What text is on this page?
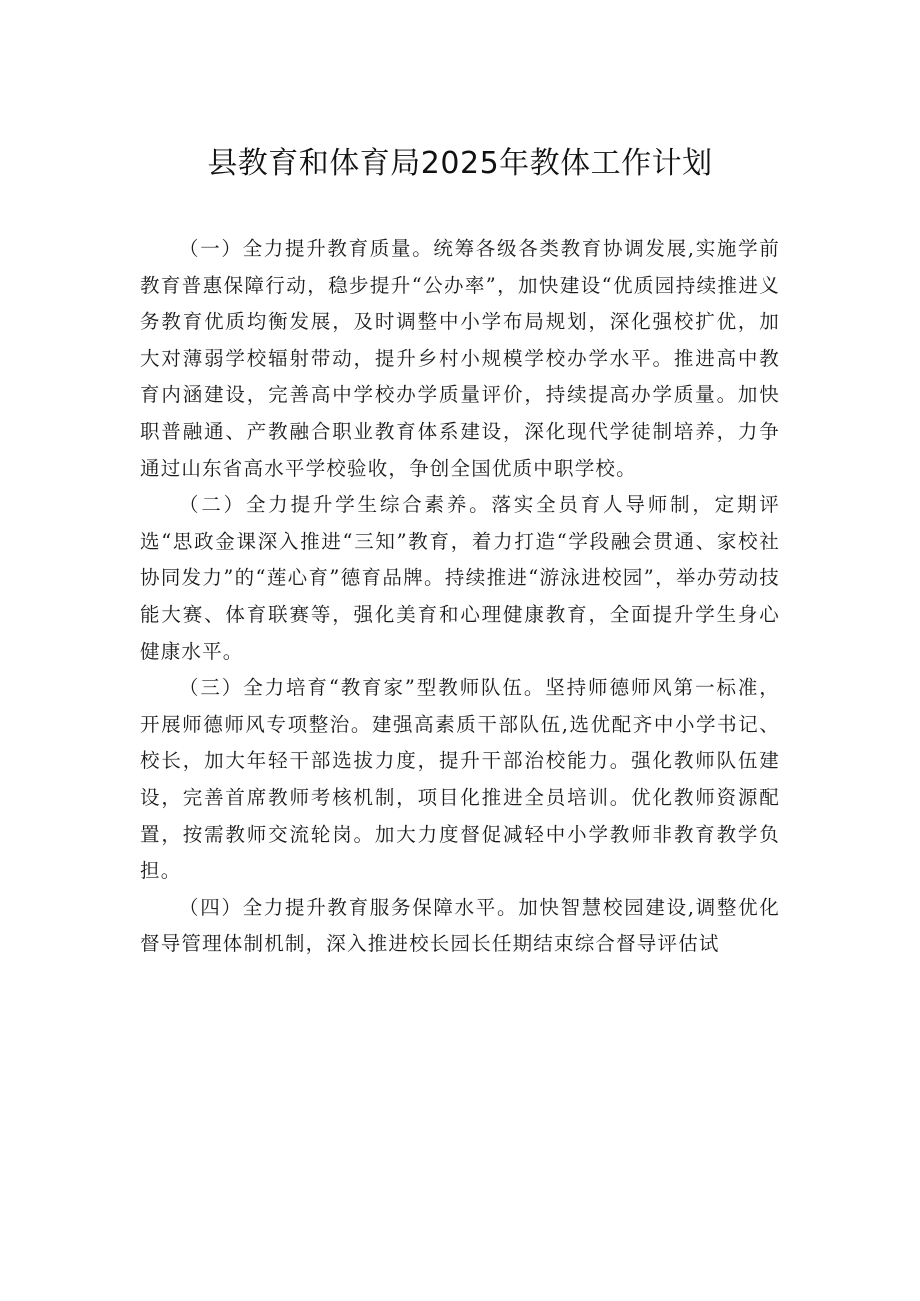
县教育和体育局2025年教体工作计划

（一）全力提升教育质量。统筹各级各类教育协调发展,实施学前教育普惠保障行动，稳步提升“公办率”，加快建设“优质园持续推进义务教育优质均衡发展，及时调整中小学布局规划，深化强校扩优，加大对薄弱学校辐射带动，提升乡村小规模学校办学水平。推进高中教育内涵建设，完善高中学校办学质量评价，持续提高办学质量。加快职普融通、产教融合职业教育体系建设，深化现代学徒制培养，力争通过山东省高水平学校验收，争创全国优质中职学校。

（二）全力提升学生综合素养。落实全员育人导师制，定期评选“思政金课深入推进“三知”教育，着力打造“学段融会贯通、家校社协同发力”的“莲心育”德育品牌。持续推进“游泳进校园”，举办劳动技能大赛、体育联赛等，强化美育和心理健康教育，全面提升学生身心健康水平。

（三）全力培育“教育家”型教师队伍。坚持师德师风第一标准，开展师德师风专项整治。建强高素质干部队伍,选优配齐中小学书记、校长，加大年轻干部选拔力度，提升干部治校能力。强化教师队伍建设，完善首席教师考核机制，项目化推进全员培训。优化教师资源配置，按需教师交流轮岗。加大力度督促减轻中小学教师非教育教学负担。

（四）全力提升教育服务保障水平。加快智慧校园建设,调整优化督导管理体制机制，深入推进校长园长任期结束综合督导评估试
